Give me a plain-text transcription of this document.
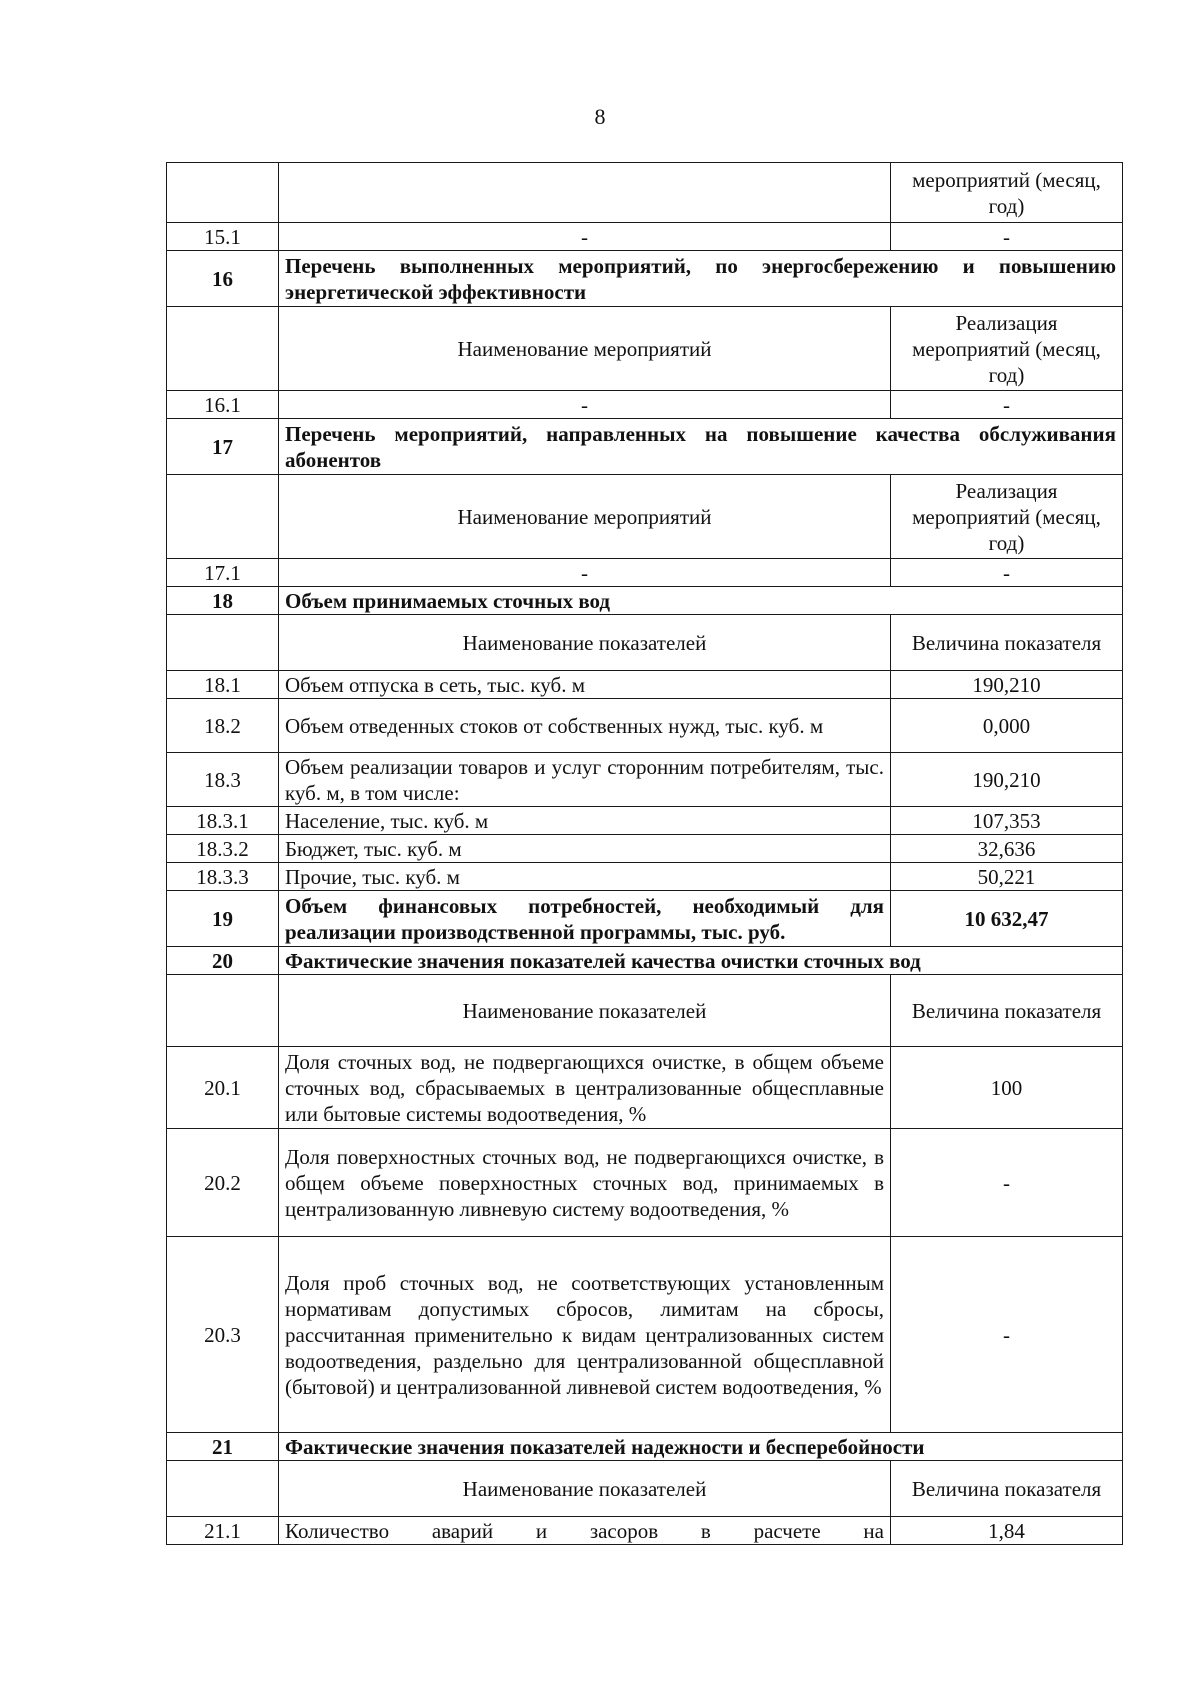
8
		мероприятий (месяц, год)
15.1	-	-
16	Перечень выполненных мероприятий, по энергосбережению и повышению энергетической эффективности	
	Наименование мероприятий	Реализация мероприятий (месяц, год)
16.1	-	-
17	Перечень мероприятий, направленных на повышение качества обслуживания абонентов	
	Наименование мероприятий	Реализация мероприятий (месяц, год)
17.1	-	-
18	Объем принимаемых сточных вод	
	Наименование показателей	Величина показателя
18.1	Объем отпуска в сеть, тыс. куб. м	190,210
18.2	Объем отведенных стоков от собственных нужд, тыс. куб. м	0,000
18.3	Объем реализации товаров и услуг сторонним потребителям, тыс. куб. м, в том числе:	190,210
18.3.1	Население, тыс. куб. м	107,353
18.3.2	Бюджет, тыс. куб. м	32,636
18.3.3	Прочие, тыс. куб. м	50,221
19	Объем финансовых потребностей, необходимый для реализации производственной программы, тыс. руб.	10 632,47
20	Фактические значения показателей качества очистки сточных вод	
	Наименование показателей	Величина показателя
20.1	Доля сточных вод, не подвергающихся очистке, в общем объеме сточных вод, сбрасываемых в централизованные общесплавные или бытовые системы водоотведения, %	100
20.2	Доля поверхностных сточных вод, не подвергающихся очистке, в общем объеме поверхностных сточных вод, принимаемых в централизованную ливневую систему водоотведения, %	-
20.3	Доля проб сточных вод, не соответствующих установленным нормативам допустимых сбросов, лимитам на сбросы, рассчитанная применительно к видам централизованных систем водоотведения, раздельно для централизованной общесплавной (бытовой) и централизованной ливневой систем водоотведения, %	-
21	Фактические значения показателей надежности и бесперебойности	
	Наименование показателей	Величина показателя
21.1	Количество аварий и засоров в расчете на	1,84
